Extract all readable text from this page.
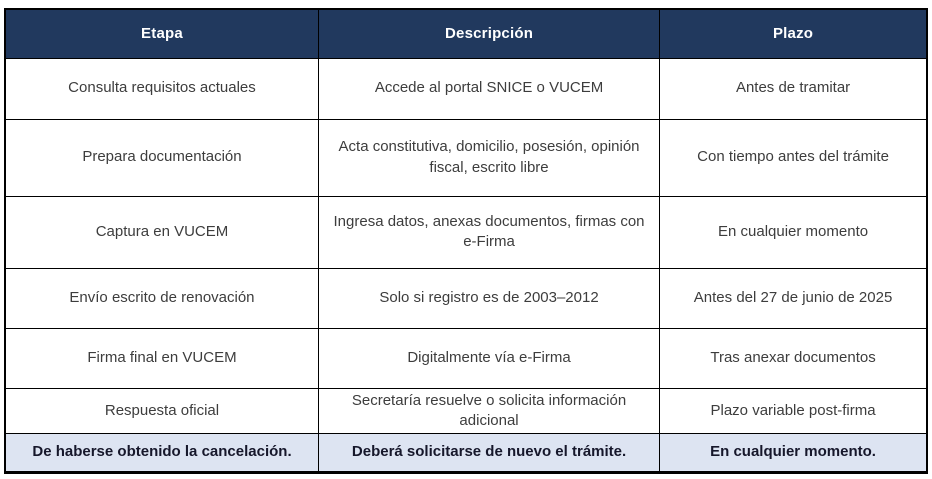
Etapa	Descripción	Plazo
Consulta requisitos actuales	Accede al portal SNICE o VUCEM	Antes de tramitar
Prepara documentación	Acta constitutiva, domicilio, posesión, opinión fiscal, escrito libre	Con tiempo antes del trámite
Captura en VUCEM	Ingresa datos, anexas documentos, firmas con e-Firma	En cualquier momento
Envío escrito de renovación	Solo si registro es de 2003–2012	Antes del 27 de junio de 2025
Firma final en VUCEM	Digitalmente vía e-Firma	Tras anexar documentos
Respuesta oficial	Secretaría resuelve o solicita información adicional	Plazo variable post-firma
De haberse obtenido la cancelación.	Deberá solicitarse de nuevo el trámite.	En cualquier momento.
